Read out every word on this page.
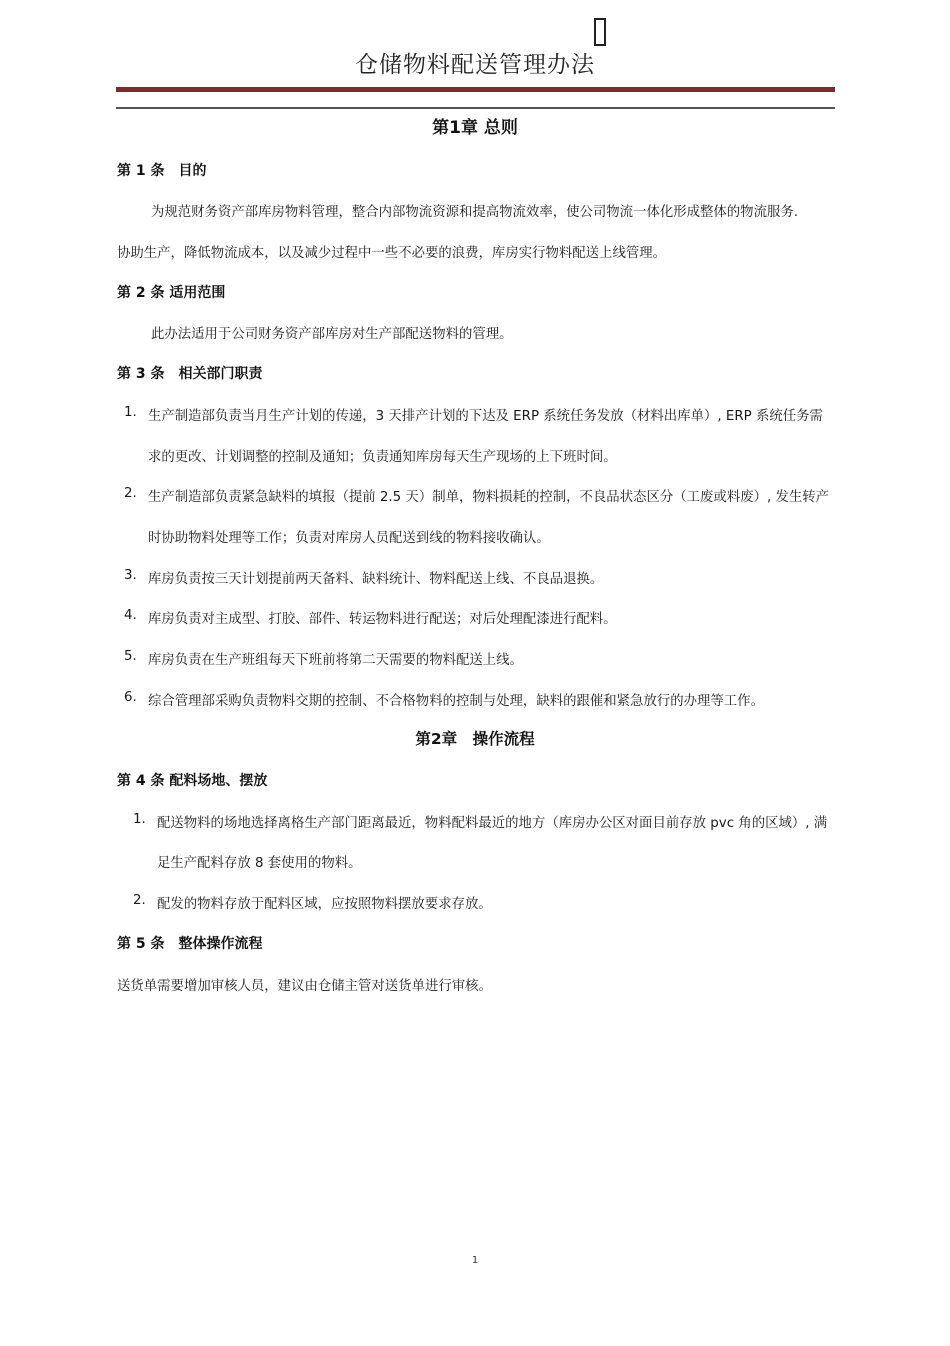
仓储物料配送管理办法
第1章 总则
第 1 条　目的
为规范财务资产部库房物料管理，整合内部物流资源和提高物流效率，使公司物流一体化形成整体的物流服务.
协助生产，降低物流成本，以及减少过程中一些不必要的浪费，库房实行物料配送上线管理。
第 2 条 适用范围
此办法适用于公司财务资产部库房对生产部配送物料的管理。
第 3 条　相关部门职责
1. 生产制造部负责当月生产计划的传递，3 天排产计划的下达及 ERP 系统任务发放（材料出库单）, ERP 系统任务需
求的更改、计划调整的控制及通知；负责通知库房每天生产现场的上下班时间。
2. 生产制造部负责紧急缺料的填报（提前 2.5 天）制单，物料损耗的控制，不良品状态区分（工废或料废）, 发生转产
时协助物料处理等工作；负责对库房人员配送到线的物料接收确认。
3. 库房负责按三天计划提前两天备料、缺料统计、物料配送上线、不良品退换。
4. 库房负责对主成型、打胶、部件、转运物料进行配送；对后处理配漆进行配料。
5. 库房负责在生产班组每天下班前将第二天需要的物料配送上线。
6. 综合管理部采购负责物料交期的控制、不合格物料的控制与处理，缺料的跟催和紧急放行的办理等工作。
第2章　操作流程
第 4 条 配料场地、摆放
1. 配送物料的场地选择离格生产部门距离最近，物料配料最近的地方（库房办公区对面目前存放 pvc 角的区域）, 满
足生产配料存放 8 套使用的物料。
2. 配发的物料存放于配料区域，应按照物料摆放要求存放。
第 5 条　整体操作流程
送货单需要增加审核人员，建议由仓储主管对送货单进行审核。
1
